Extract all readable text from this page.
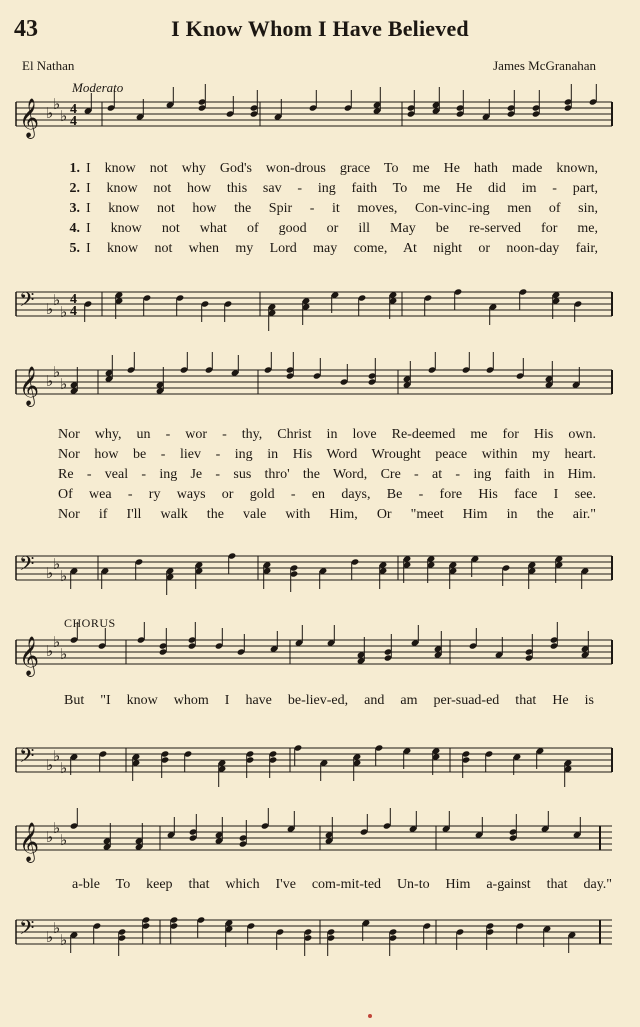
43	I Know Whom I Have Believed
El Nathan	James McGranahan
Moderato
CHORUS
𝄞 ♭ ♭
♭ 4
4
𝄢 ♭ ♭
♭
4
4
𝄞 ♭ ♭
♭
𝄢 ♭ ♭
♭
𝄞 ♭ ♭
♭
𝄢 ♭ ♭
♭
𝄞 ♭ ♭
♭
𝄢 ♭ ♭
♭
1. I know not why God's won-drous grace To me He hath made known,
2. I know not how this sav - ing faith To me He did im - part,
3. I know not how the Spir - it moves, Con-vinc-ing men of sin,
4. I know not what of good or ill May be re-served for me,
5. I know not when my Lord may come, At night or noon-day fair,
Nor why, un - wor - thy, Christ in love Re-deemed me for His own.
Nor how be - liev - ing in His Word Wrought peace within my heart.
Re - veal - ing Je - sus thro' the Word, Cre - at - ing faith in Him.
Of wea - ry ways or gold - en days, Be - fore His face I see.
Nor if I'll walk the vale with Him, Or "meet Him in the air."
But "I know whom I have be-liev-ed, and am per-suad-ed that He is
a-ble To keep that which I've com-mit-ted Un-to Him a-gainst that day."
